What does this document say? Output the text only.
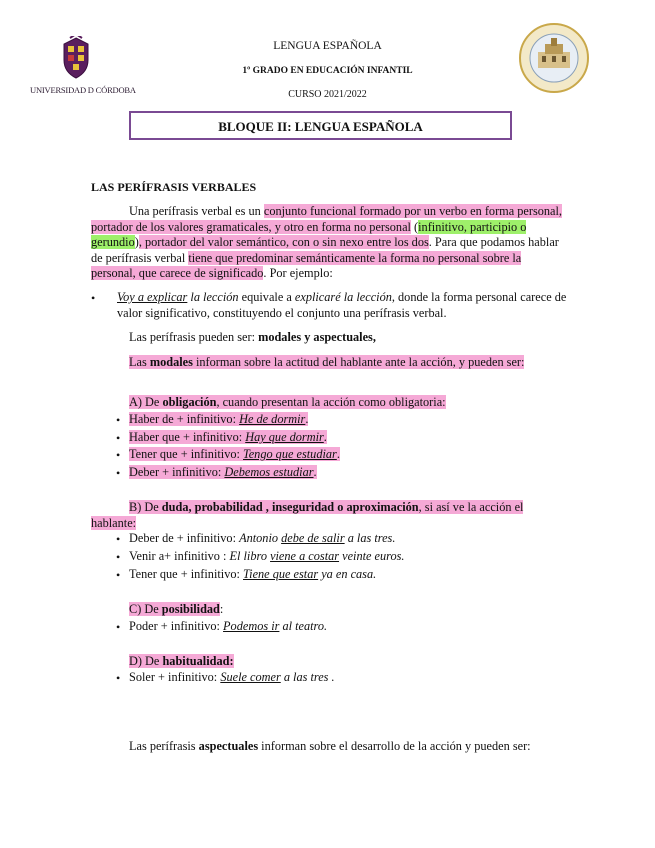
UNIVERSIDAD D CÓRDOBA
LENGUA ESPAÑOLA
1º GRADO EN EDUCACIÓN INFANTIL
CURSO 2021/2022
BLOQUE II: LENGUA ESPAÑOLA
LAS PERÍFRASIS VERBALES
Una perífrasis verbal es un conjunto funcional formado por un verbo en forma personal, portador de los valores gramaticales, y otro en forma no personal (infinitivo, participio o gerundio), portador del valor semántico, con o sin nexo entre los dos. Para que podamos hablar de perífrasis verbal tiene que predominar semánticamente la forma no personal sobre la personal, que carece de significado. Por ejemplo:
• Voy a explicar la lección equivale a explicaré la lección, donde la forma personal carece de valor significativo, constituyendo el conjunto una perífrasis verbal.
Las perífrasis pueden ser: modales y aspectuales,
Las modales informan sobre la actitud del hablante ante la acción, y pueden ser:
A) De obligación, cuando presentan la acción como obligatoria:
• Haber de + infinitivo: He de dormir.
• Haber que + infinitivo: Hay que dormir.
• Tener que + infinitivo: Tengo que estudiar.
• Deber + infinitivo: Debemos estudiar.
B) De duda, probabilidad , inseguridad o aproximación, si así ve la acción el hablante:
• Deber de + infinitivo: Antonio debe de salir a las tres.
• Venir a+ infinitivo : El libro viene a costar veinte euros.
• Tener que + infinitivo: Tiene que estar ya en casa.
C) De posibilidad:
• Poder + infinitivo: Podemos ir al teatro.
D) De habitualidad:
• Soler + infinitivo: Suele comer a las tres .
Las perífrasis aspectuales informan sobre el desarrollo de la acción y pueden ser:
